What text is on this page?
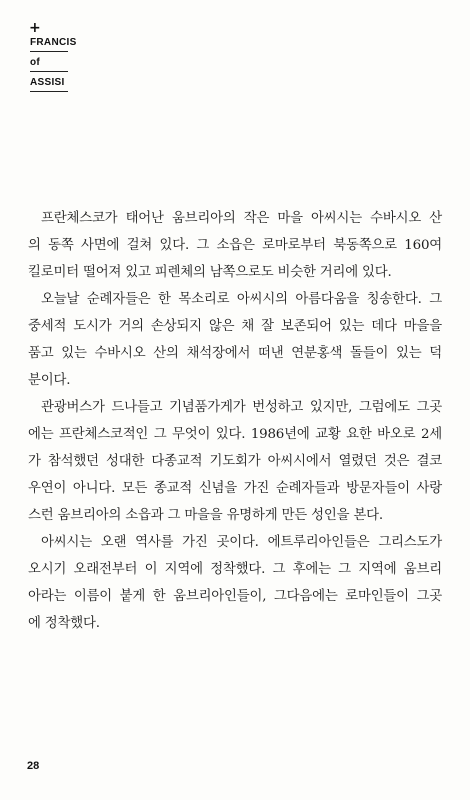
+
FRANCIS
of
ASSISI

프란체스코가 태어난 움브리아의 작은 마을 아씨시는 수바시오 산
의 동쪽 사면에 걸쳐 있다. 그 소읍은 로마로부터 북동쪽으로 160여
킬로미터 떨어져 있고 피렌체의 남쪽으로도 비슷한 거리에 있다.

오늘날 순례자들은 한 목소리로 아씨시의 아름다움을 칭송한다. 그
중세적 도시가 거의 손상되지 않은 채 잘 보존되어 있는 데다 마을을
품고 있는 수바시오 산의 채석장에서 떠낸 연분홍색 돌들이 있는 덕
분이다.

관광버스가 드나들고 기념품가게가 번성하고 있지만, 그럼에도 그곳
에는 프란체스코적인 그 무엇이 있다. 1986년에 교황 요한 바오로 2세
가 참석했던 성대한 다종교적 기도회가 아씨시에서 열렸던 것은 결코
우연이 아니다. 모든 종교적 신념을 가진 순례자들과 방문자들이 사랑
스런 움브리아의 소읍과 그 마을을 유명하게 만든 성인을 본다.

아씨시는 오랜 역사를 가진 곳이다. 에트루리아인들은 그리스도가
오시기 오래전부터 이 지역에 정착했다. 그 후에는 그 지역에 움브리
아라는 이름이 붙게 한 움브리아인들이, 그다음에는 로마인들이 그곳
에 정착했다.

28
